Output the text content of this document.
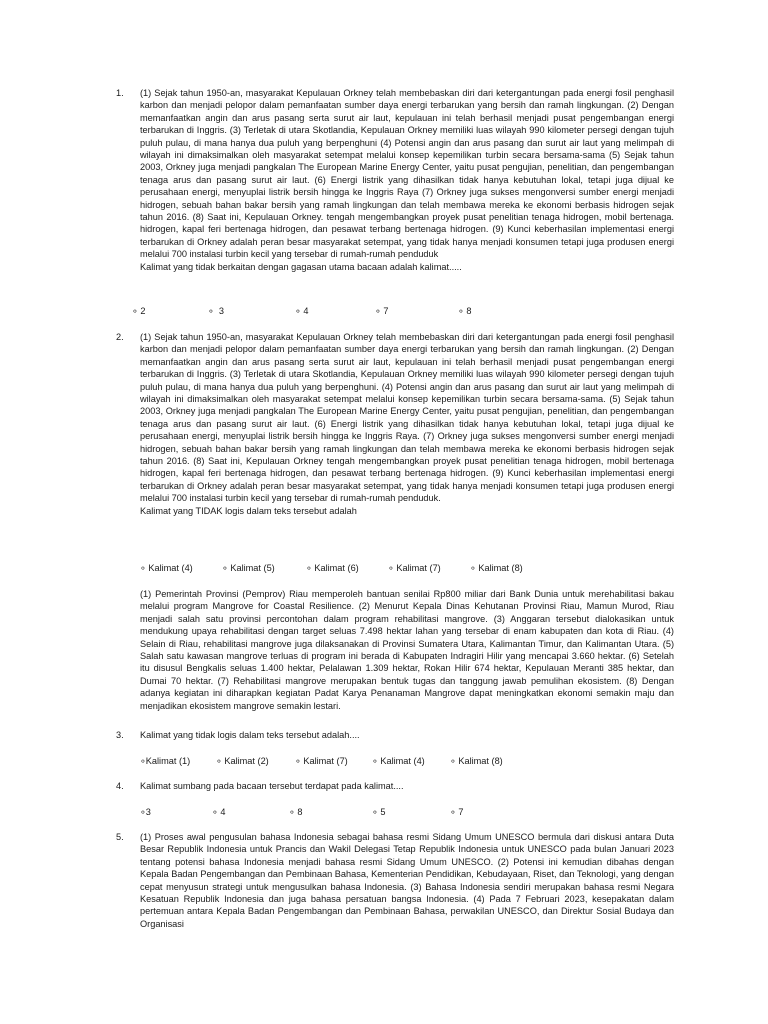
1. (1) Sejak tahun 1950-an, masyarakat Kepulauan Orkney telah membebaskan diri dari ketergantungan pada energi fosil penghasil karbon dan menjadi pelopor dalam pemanfaatan sumber daya energi terbarukan yang bersih dan ramah lingkungan. (2) Dengan memanfaatkan angin dan arus pasang serta surut air laut, kepulauan ini telah berhasil menjadi pusat pengembangan energi terbarukan di Inggris. (3) Terletak di utara Skotlandia, Kepulauan Orkney memiliki luas wilayah 990 kilometer persegi dengan tujuh puluh pulau, di mana hanya dua puluh yang berpenghuni (4) Potensi angin dan arus pasang dan surut air laut yang melimpah di wilayah ini dimaksimalkan oleh masyarakat setempat melalui konsep kepemilikan turbin secara bersama-sama (5) Sejak tahun 2003, Orkney juga menjadi pangkalan The European Marine Energy Center, yaitu pusat pengujian, penelitian, dan pengembangan tenaga arus dan pasang surut air laut. (6) Energi listrik yang dihasilkan tidak hanya kebutuhan lokal, tetapi juga dijual ke perusahaan energi, menyuplai listrik bersih hingga ke Inggris Raya (7) Orkney juga sukses mengonversi sumber energi menjadi hidrogen, sebuah bahan bakar bersih yang ramah lingkungan dan telah membawa mereka ke ekonomi berbasis hidrogen sejak tahun 2016. (8) Saat ini, Kepulauan Orkney. tengah mengembangkan proyek pusat penelitian tenaga hidrogen, mobil bertenaga. hidrogen, kapal feri bertenaga hidrogen, dan pesawat terbang bertenaga hidrogen. (9) Kunci keberhasilan implementasi energi terbarukan di Orkney adalah peran besar masyarakat setempat, yang tidak hanya menjadi konsumen tetapi juga produsen energi melalui 700 instalasi turbin kecil yang tersebar di rumah-rumah penduduk

Kalimat yang tidak berkaitan dengan gagasan utama bacaan adalah kalimat.....

∘ 2	∘ 3	∘ 4	∘ 7	∘ 8
2. (1) Sejak tahun 1950-an, masyarakat Kepulauan Orkney telah membebaskan diri dari ketergantungan pada energi fosil penghasil karbon dan menjadi pelopor dalam pemanfaatan sumber daya energi terbarukan yang bersih dan ramah lingkungan. (2) Dengan memanfaatkan angin dan arus pasang serta surut air laut, kepulauan ini telah berhasil menjadi pusat pengembangan energi terbarukan di Inggris. (3) Terletak di utara Skotlandia, Kepulauan Orkney memiliki luas wilayah 990 kilometer persegi dengan tujuh puluh pulau, di mana hanya dua puluh yang berpenghuni. (4) Potensi angin dan arus pasang dan surut air laut yang melimpah di wilayah ini dimaksimalkan oleh masyarakat setempat melalui konsep kepemilikan turbin secara bersama-sama. (5) Sejak tahun 2003, Orkney juga menjadi pangkalan The European Marine Energy Center, yaitu pusat pengujian, penelitian, dan pengembangan tenaga arus dan pasang surut air laut. (6) Energi listrik yang dihasilkan tidak hanya kebutuhan lokal, tetapi juga dijual ke perusahaan energi, menyuplai listrik bersih hingga ke Inggris Raya. (7) Orkney juga sukses mengonversi sumber energi menjadi hidrogen, sebuah bahan bakar bersih yang ramah lingkungan dan telah membawa mereka ke ekonomi berbasis hidrogen sejak tahun 2016. (8) Saat ini, Kepulauan Orkney tengah mengembangkan proyek pusat penelitian tenaga hidrogen, mobil bertenaga hidrogen, kapal feri bertenaga hidrogen, dan pesawat terbang bertenaga hidrogen. (9) Kunci keberhasilan implementasi energi terbarukan di Orkney adalah peran besar masyarakat setempat, yang tidak hanya menjadi konsumen tetapi juga produsen energi melalui 700 instalasi turbin kecil yang tersebar di rumah-rumah penduduk.

Kalimat yang TIDAK logis dalam teks tersebut adalah

∘ Kalimat (4)	∘ Kalimat (5)	∘ Kalimat (6)	∘ Kalimat (7)	∘ Kalimat (8)

(1) Pemerintah Provinsi (Pemprov) Riau memperoleh bantuan senilai Rp800 miliar dari Bank Dunia untuk merehabilitasi bakau melalui program Mangrove for Coastal Resilience. (2) Menurut Kepala Dinas Kehutanan Provinsi Riau, Mamun Murod, Riau menjadi salah satu provinsi percontohan dalam program rehabilitasi mangrove. (3) Anggaran tersebut dialokasikan untuk mendukung upaya rehabilitasi dengan target seluas 7.498 hektar lahan yang tersebar di enam kabupaten dan kota di Riau. (4) Selain di Riau, rehabilitasi mangrove juga dilaksanakan di Provinsi Sumatera Utara, Kalimantan Timur, dan Kalimantan Utara. (5) Salah satu kawasan mangrove terluas di program ini berada di Kabupaten Indragiri Hilir yang mencapai 3.660 hektar. (6) Setelah itu disusul Bengkalis seluas 1.400 hektar, Pelalawan 1.309 hektar, Rokan Hilir 674 hektar, Kepulauan Meranti 385 hektar, dan Dumai 70 hektar. (7) Rehabilitasi mangrove merupakan bentuk tugas dan tanggung jawab pemulihan ekosistem. (8) Dengan adanya kegiatan ini diharapkan kegiatan Padat Karya Penanaman Mangrove dapat meningkatkan ekonomi semakin maju dan menjadikan ekosistem mangrove semakin lestari.

3. Kalimat yang tidak logis dalam teks tersebut adalah....

∘Kalimat (1)	∘ Kalimat (2)	∘ Kalimat (7)	∘ Kalimat (4)	∘ Kalimat (8)
4. Kalimat sumbang pada bacaan tersebut terdapat pada kalimat....

∘3	∘ 4	∘ 8	∘ 5	∘ 7
5. (1) Proses awal pengusulan bahasa Indonesia sebagai bahasa resmi Sidang Umum UNESCO bermula dari diskusi antara Duta Besar Republik Indonesia untuk Prancis dan Wakil Delegasi Tetap Republik Indonesia untuk UNESCO pada bulan Januari 2023 tentang potensi bahasa Indonesia menjadi bahasa resmi Sidang Umum UNESCO. (2) Potensi ini kemudian dibahas dengan Kepala Badan Pengembangan dan Pembinaan Bahasa, Kementerian Pendidikan, Kebudayaan, Riset, dan Teknologi, yang dengan cepat menyusun strategi untuk mengusulkan bahasa Indonesia. (3) Bahasa Indonesia sendiri merupakan bahasa resmi Negara Kesatuan Republik Indonesia dan juga bahasa persatuan bangsa Indonesia. (4) Pada 7 Februari 2023, kesepakatan dalam pertemuan antara Kepala Badan Pengembangan dan Pembinaan Bahasa, perwakilan UNESCO, dan Direktur Sosial Budaya dan Organisasi
